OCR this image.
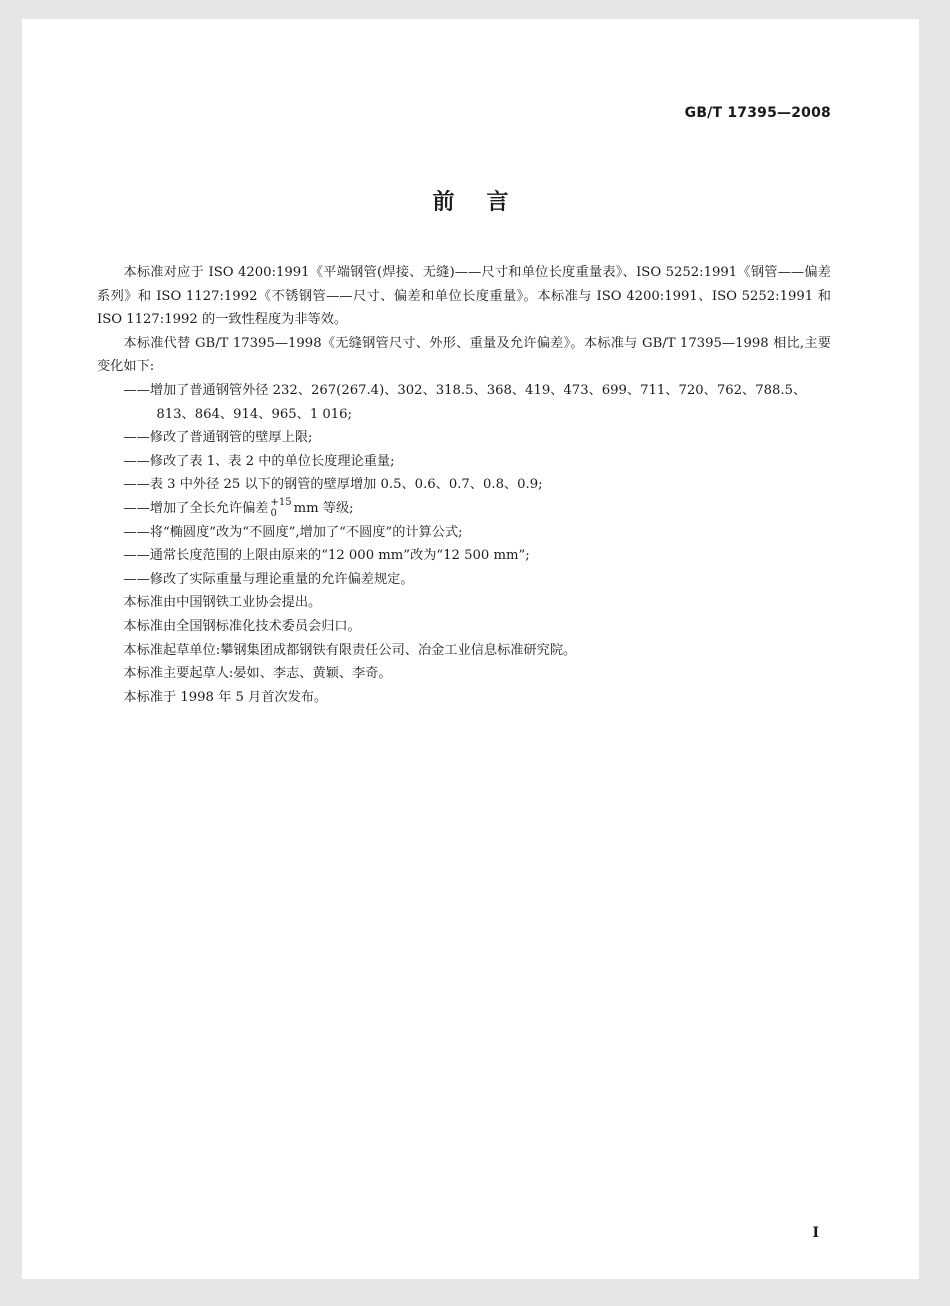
GB/T 17395—2008
前言

本标准对应于 ISO 4200:1991《平端钢管(焊接、无缝)——尺寸和单位长度重量表》、ISO 5252:1991《钢管——偏差系列》和 ISO 1127:1992《不锈钢管——尺寸、偏差和单位长度重量》。本标准与 ISO 4200:1991、ISO 5252:1991 和 ISO 1127:1992 的一致性程度为非等效。

本标准代替 GB/T 17395—1998《无缝钢管尺寸、外形、重量及允许偏差》。本标准与 GB/T 17395—1998 相比,主要变化如下:

——增加了普通钢管外径 232、267(267.4)、302、318.5、368、419、473、699、711、720、762、788.5、
813、864、914、965、1 016;

——修改了普通钢管的壁厚上限;

——修改了表 1、表 2 中的单位长度理论重量;

——表 3 中外径 25 以下的钢管的壁厚增加 0.5、0.6、0.7、0.8、0.9;

——增加了全长允许偏差 +15
0	mm 等级;

——将“椭圆度”改为“不圆度”,增加了“不圆度”的计算公式;

——通常长度范围的上限由原来的“12 000 mm”改为“12 500 mm”;

——修改了实际重量与理论重量的允许偏差规定。

本标准由中国钢铁工业协会提出。

本标准由全国钢标准化技术委员会归口。

本标准起草单位:攀钢集团成都钢铁有限责任公司、冶金工业信息标准研究院。

本标准主要起草人:晏如、李志、黄颖、李奇。

本标准于 1998 年 5 月首次发布。

I
